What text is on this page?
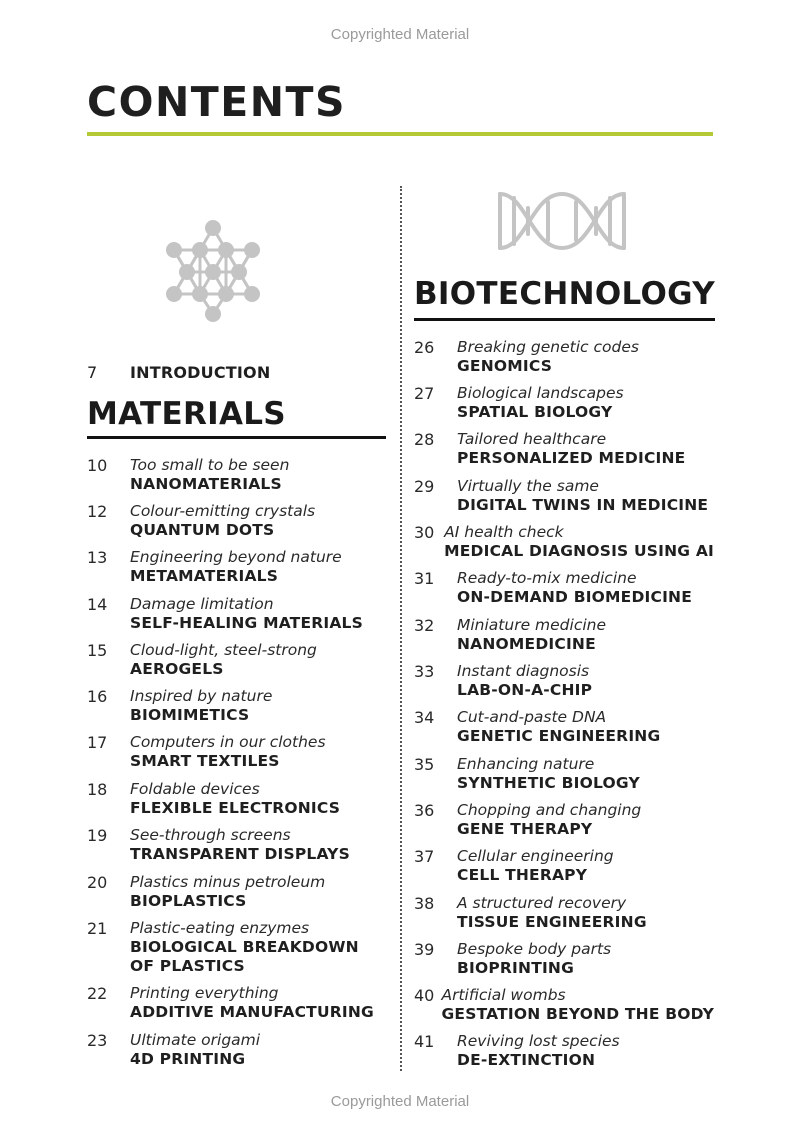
Copyrighted Material
CONTENTS
7	INTRODUCTION
MATERIALS
10	Too small to be seen
NANOMATERIALS
12	Colour-emitting crystals
QUANTUM DOTS
13	Engineering beyond nature
METAMATERIALS
14	Damage limitation
SELF-HEALING MATERIALS
15	Cloud-light, steel-strong
AEROGELS
16	Inspired by nature
BIOMIMETICS
17	Computers in our clothes
SMART TEXTILES
18	Foldable devices
FLEXIBLE ELECTRONICS
19	See-through screens
TRANSPARENT DISPLAYS
20	Plastics minus petroleum
BIOPLASTICS
21	Plastic-eating enzymes
BIOLOGICAL BREAKDOWN
OF PLASTICS
22	Printing everything
ADDITIVE MANUFACTURING
23	Ultimate origami
4D PRINTING
BIOTECHNOLOGY
26	Breaking genetic codes
GENOMICS
27	Biological landscapes
SPATIAL BIOLOGY
28	Tailored healthcare
PERSONALIZED MEDICINE
29	Virtually the same
DIGITAL TWINS IN MEDICINE
30 AI health check
MEDICAL DIAGNOSIS USING AI
31	Ready-to-mix medicine
ON-DEMAND BIOMEDICINE
32	Miniature medicine
NANOMEDICINE
33	Instant diagnosis
LAB-ON-A-CHIP
34	Cut-and-paste DNA
GENETIC ENGINEERING
35	Enhancing nature
SYNTHETIC BIOLOGY
36	Chopping and changing
GENE THERAPY
37	Cellular engineering
CELL THERAPY
38	A structured recovery
TISSUE ENGINEERING
39	Bespoke body parts
BIOPRINTING
40 Artificial wombs
GESTATION BEYOND THE BODY
41	Reviving lost species
DE-EXTINCTION
Copyrighted Material
